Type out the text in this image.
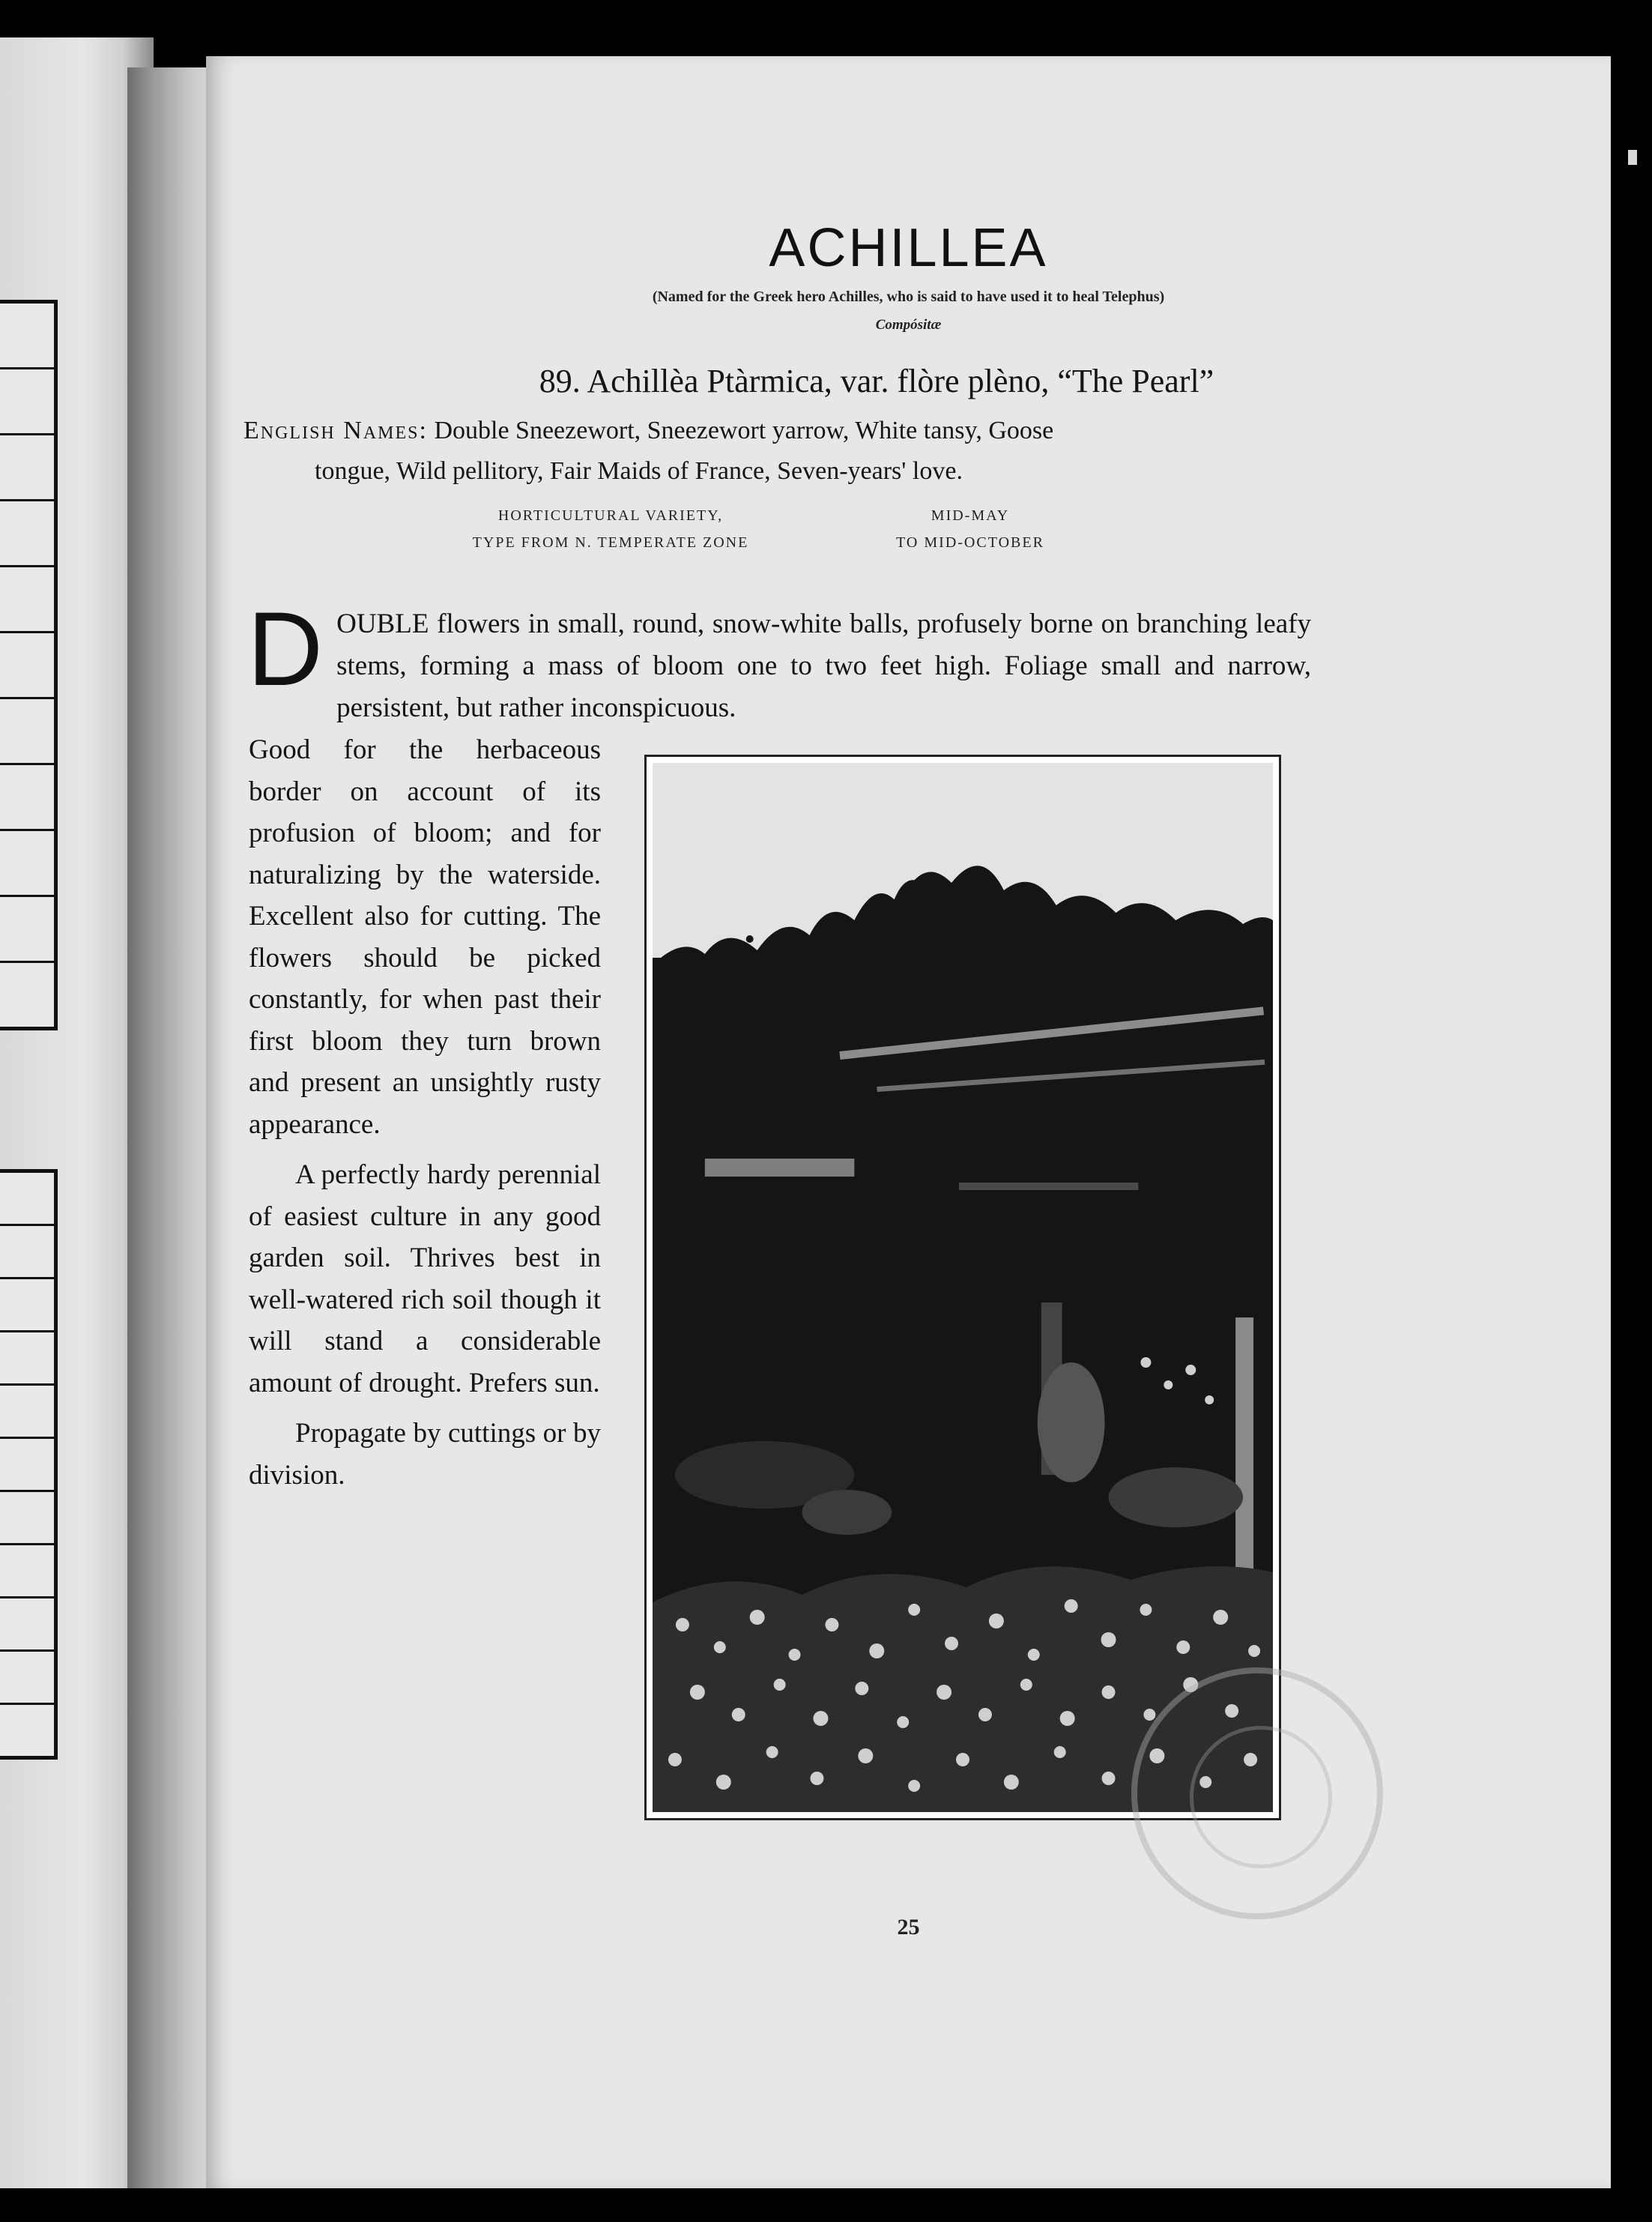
ACHILLEA
(Named for the Greek hero Achilles, who is said to have used it to heal Telephus)
Compósitæ
89. Achillèa Ptàrmica, var. flòre plèno, “The Pearl”
English Names: Double Sneezewort, Sneezewort yarrow, White tansy, Goose
tongue, Wild pellitory, Fair Maids of France, Seven-years' love.
HORTICULTURAL VARIETY,
TYPE FROM N. TEMPERATE ZONE
MID-MAY
TO MID-OCTOBER
DOUBLE flowers in small, round, snow-white balls, profusely borne on branching leafy stems, forming a mass of bloom one to two feet high. Foliage small and narrow, persistent, but rather inconspicuous.

Good for the herbaceous border on account of its profusion of bloom; and for naturalizing by the waterside. Excellent also for cutting. The flowers should be picked constantly, for when past their first bloom they turn brown and present an unsightly rusty appearance.

A perfectly hardy perennial of easiest culture in any good garden soil. Thrives best in well-watered rich soil though it will stand a considerable amount of drought. Prefers sun.

Propagate by cuttings or by division.

25
